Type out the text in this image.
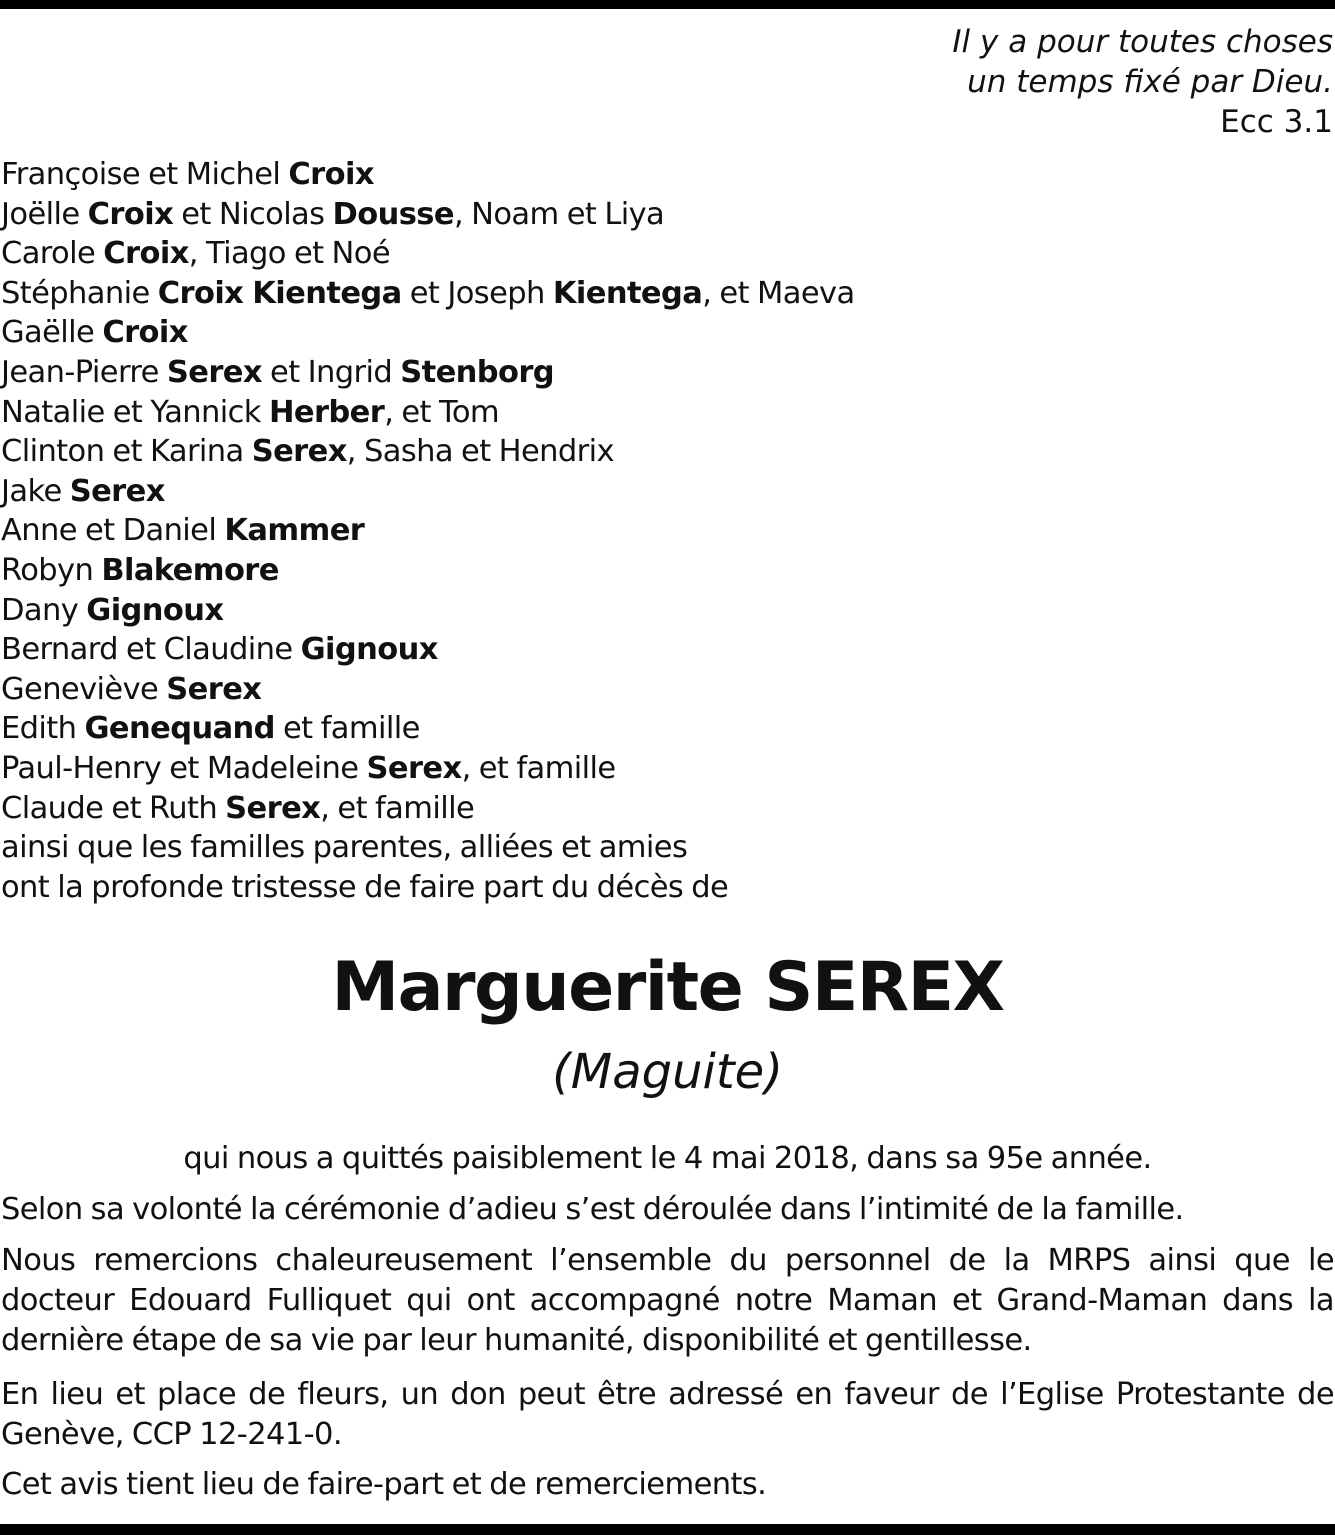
Il y a pour toutes choses
un temps fixé par Dieu.
Ecc 3.1
Françoise et Michel Croix
Joëlle Croix et Nicolas Dousse, Noam et Liya
Carole Croix, Tiago et Noé
Stéphanie Croix Kientega et Joseph Kientega, et Maeva
Gaëlle Croix
Jean-Pierre Serex et Ingrid Stenborg
Natalie et Yannick Herber, et Tom
Clinton et Karina Serex, Sasha et Hendrix
Jake Serex
Anne et Daniel Kammer
Robyn Blakemore
Dany Gignoux
Bernard et Claudine Gignoux
Geneviève Serex
Edith Genequand et famille
Paul-Henry et Madeleine Serex, et famille
Claude et Ruth Serex, et famille
ainsi que les familles parentes, alliées et amies
ont la profonde tristesse de faire part du décès de
Marguerite SEREX
(Maguite)
qui nous a quittés paisiblement le 4 mai 2018, dans sa 95e année.
Selon sa volonté la cérémonie d’adieu s’est déroulée dans l’intimité de la famille.
Nous remercions chaleureusement l’ensemble du personnel de la MRPS ainsi que le docteur Edouard Fulliquet qui ont accompagné notre Maman et Grand-Maman dans la dernière étape de sa vie par leur humanité, disponibilité et gentillesse.
En lieu et place de fleurs, un don peut être adressé en faveur de l’Eglise Protestante de Genève, CCP 12-241-0.
Cet avis tient lieu de faire-part et de remerciements.
